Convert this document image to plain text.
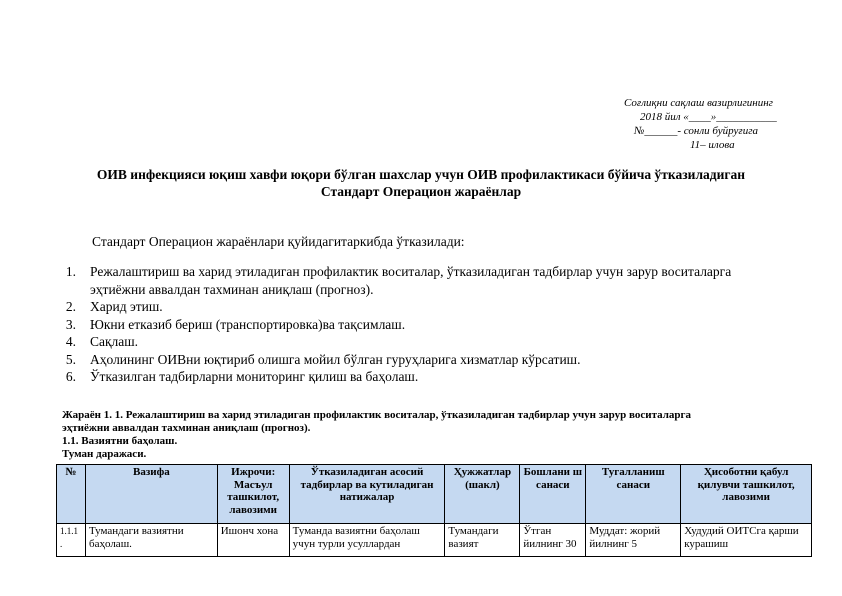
Соғлиқни сақлаш вазирлигининг
2018 йил «____»___________
№______- сонли буйруғига
11– илова
ОИВ инфекцияси юқиш хавфи юқори бўлган шахслар учун ОИВ профилактикаси бўйича ўтказиладиган
Стандарт Операцион жараёнлар
Стандарт Операцион жараёнлари қуйидагитаркибда ўтказилади:
1.	Режалаштириш ва харид этиладиган профилактик воситалар, ўтказиладиган тадбирлар учун зарур воситаларга эҳтиёжни аввалдан тахминан аниқлаш (прогноз).
2.	Харид этиш.
3.	Юкни етказиб бериш (транспортировка)ва тақсимлаш.
4.	Сақлаш.
5.	Аҳолининг ОИВни юқтириб олишга мойил бўлган гуруҳларига хизматлар кўрсатиш.
6.	Ўтказилган тадбирларни мониторинг қилиш ва баҳолаш.
Жараён 1. 1. Режалаштириш ва харид этиладиган профилактик воситалар, ўтказиладиган тадбирлар учун зарур воситаларга
эҳтиёжни аввалдан тахминан аниқлаш (прогноз).
1.1. Вазиятни баҳолаш.
Туман даражаси.
№	Вазифа	Ижрочи: Масъул ташкилот, лавозими	Ўтказиладиган асосий тадбирлар ва кутиладиган натижалар	Ҳужжатлар (шакл)	Бошлани ш санаси	Тугалланиш санаси	Ҳисоботни қабул қилувчи ташкилот, лавозими
1.1.1 .	Тумандаги вазиятни баҳолаш.	Ишонч хона	Туманда вазиятни баҳолаш учун турли усуллардан	Тумандаги вазият	Ўтган йилнинг 30	Муддат: жорий йилнинг 5	Худудий ОИТСга қарши курашиш
